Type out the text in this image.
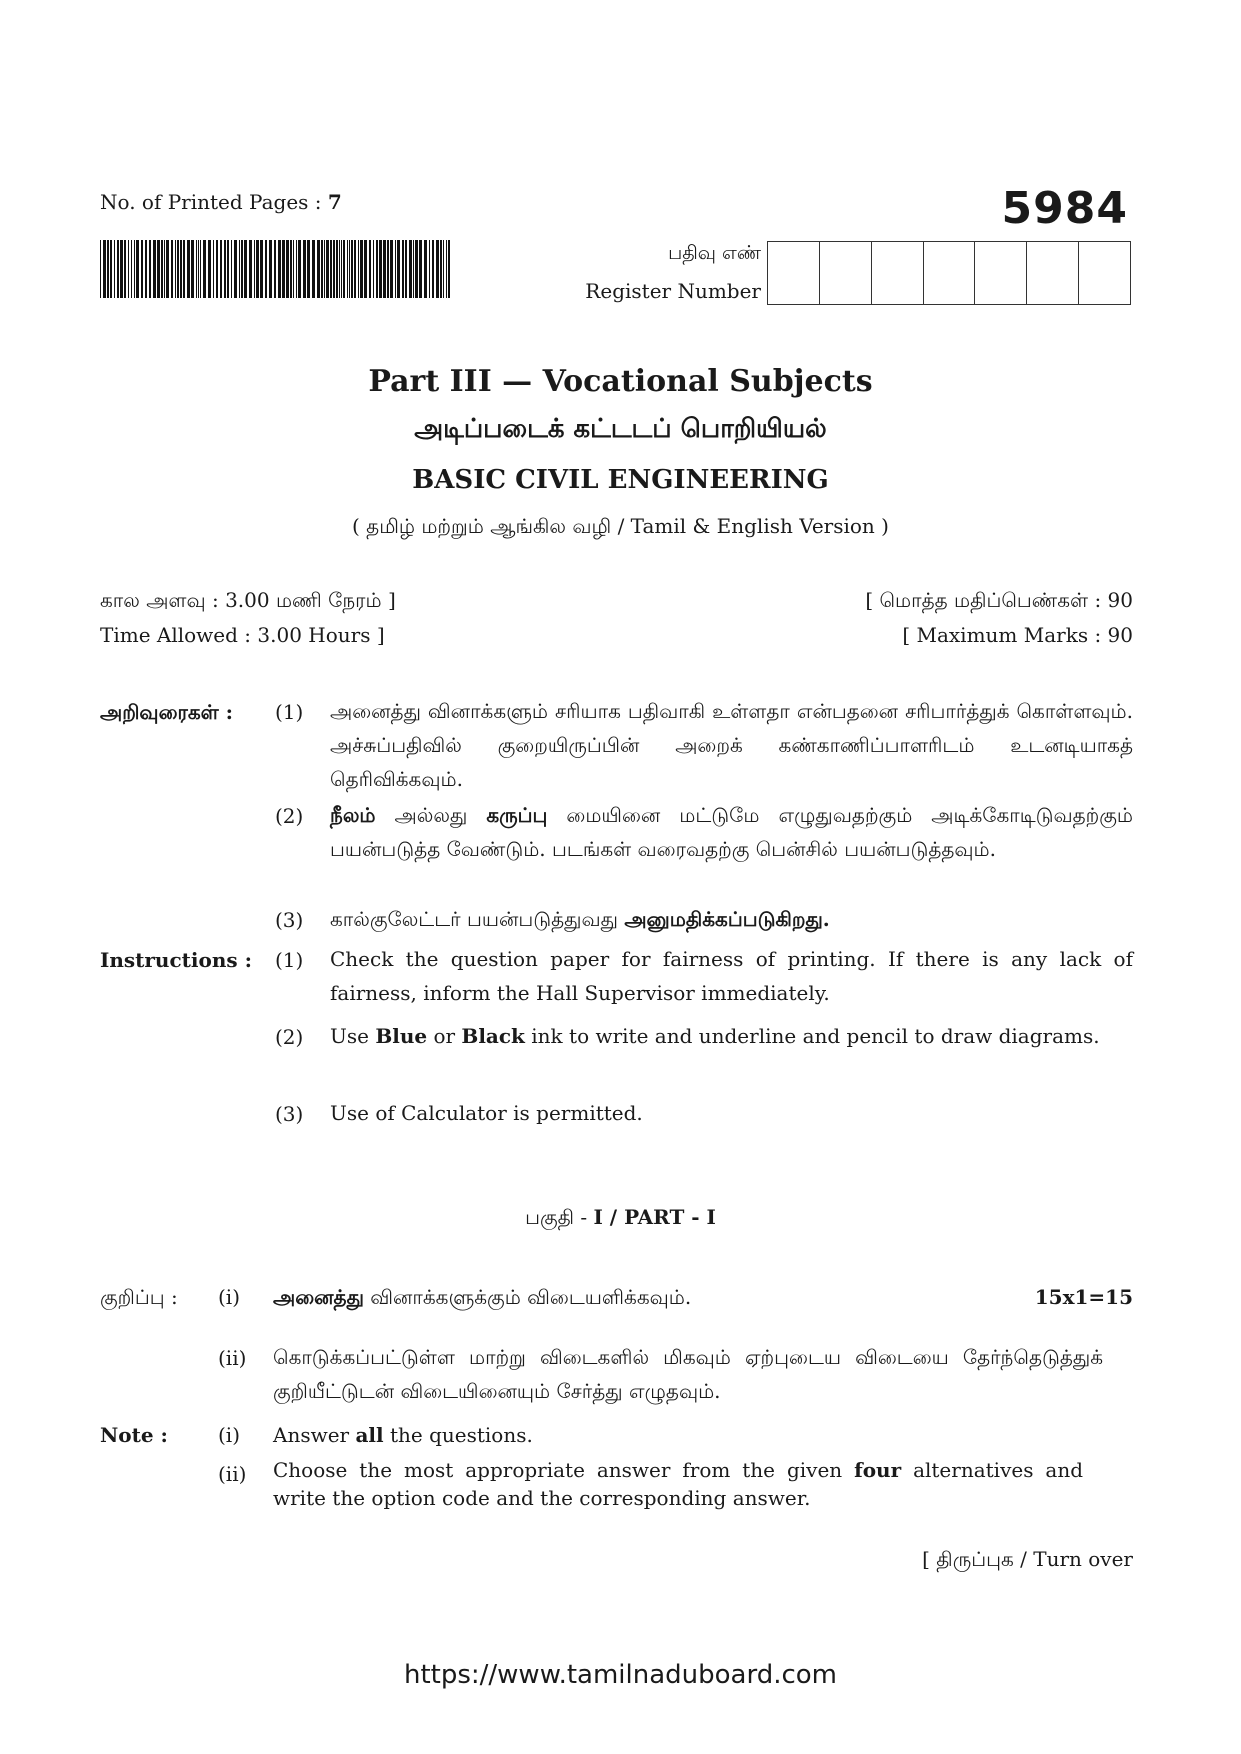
No. of Printed Pages : 7	5984
பதிவு எண்
Register Number
Part III — Vocational Subjects
அடிப்படைக் கட்டடப் பொறியியல்
BASIC CIVIL ENGINEERING
( தமிழ் மற்றும் ஆங்கில வழி / Tamil & English Version )
கால அளவு : 3.00 மணி நேரம் ]
Time Allowed : 3.00 Hours ]
[ மொத்த மதிப்பெண்கள் : 90
[ Maximum Marks : 90
அறிவுரைகள் : (1) அனைத்து வினாக்களும் சரியாக பதிவாகி உள்ளதா என்பதனை சரிபார்த்துக் கொள்ளவும். அச்சுப்பதிவில் குறையிருப்பின் அறைக் கண்காணிப்பாளரிடம் உடனடியாகத் தெரிவிக்கவும்.
(2) நீலம் அல்லது கருப்பு மையினை மட்டுமே எழுதுவதற்கும் அடிக்கோடிடுவதற்கும் பயன்படுத்த வேண்டும். படங்கள் வரைவதற்கு பென்சில் பயன்படுத்தவும்.
(3) கால்குலேட்டர் பயன்படுத்துவது அனுமதிக்கப்படுகிறது.
Instructions : (1) Check the question paper for fairness of printing. If there is any lack of fairness, inform the Hall Supervisor immediately.
(2) Use Blue or Black ink to write and underline and pencil to draw diagrams.
(3) Use of Calculator is permitted.
பகுதி - I / PART - I
குறிப்பு : (i) அனைத்து வினாக்களுக்கும் விடையளிக்கவும்.	15x1=15
(ii) கொடுக்கப்பட்டுள்ள மாற்று விடைகளில் மிகவும் ஏற்புடைய விடையை தேர்ந்தெடுத்துக் குறியீட்டுடன் விடையினையும் சேர்த்து எழுதவும்.
Note :	(i) Answer all the questions.
(ii) Choose the most appropriate answer from the given four alternatives and write the option code and the corresponding answer.
[ திருப்புக / Turn over
https://www.tamilnaduboard.com
